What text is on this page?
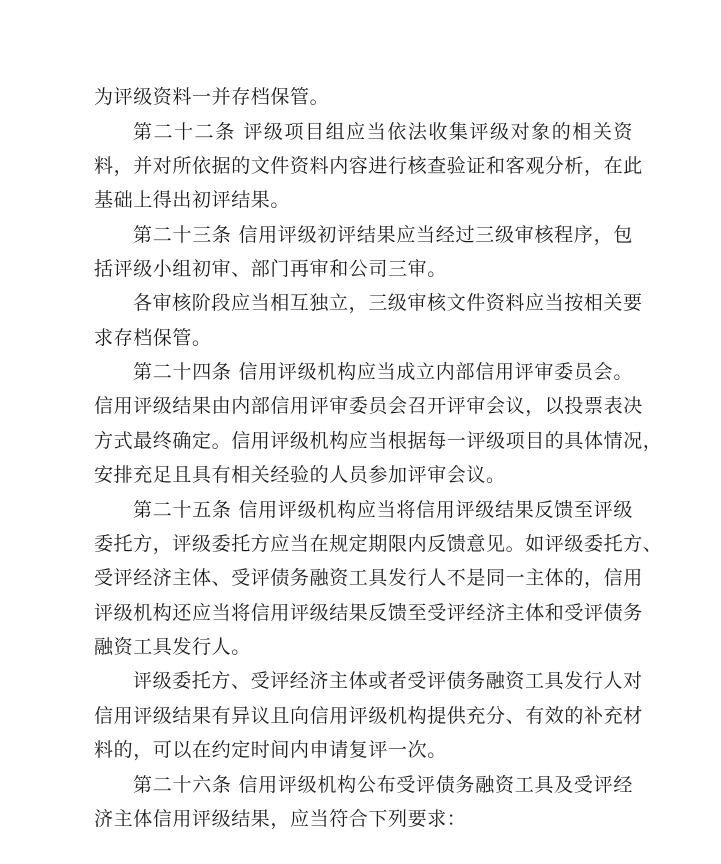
为评级资料一并存档保管。
第二十二条 评级项目组应当依法收集评级对象的相关资
料，并对所依据的文件资料内容进行核查验证和客观分析，在此
基础上得出初评结果。
第二十三条 信用评级初评结果应当经过三级审核程序，包
括评级小组初审、部门再审和公司三审。
各审核阶段应当相互独立，三级审核文件资料应当按相关要
求存档保管。
第二十四条 信用评级机构应当成立内部信用评审委员会。
信用评级结果由内部信用评审委员会召开评审会议，以投票表决
方式最终确定。信用评级机构应当根据每一评级项目的具体情况，
安排充足且具有相关经验的人员参加评审会议。
第二十五条 信用评级机构应当将信用评级结果反馈至评级
委托方，评级委托方应当在规定期限内反馈意见。如评级委托方、
受评经济主体、受评债务融资工具发行人不是同一主体的，信用
评级机构还应当将信用评级结果反馈至受评经济主体和受评债务
融资工具发行人。
评级委托方、受评经济主体或者受评债务融资工具发行人对
信用评级结果有异议且向信用评级机构提供充分、有效的补充材
料的，可以在约定时间内申请复评一次。
第二十六条 信用评级机构公布受评债务融资工具及受评经
济主体信用评级结果，应当符合下列要求：
